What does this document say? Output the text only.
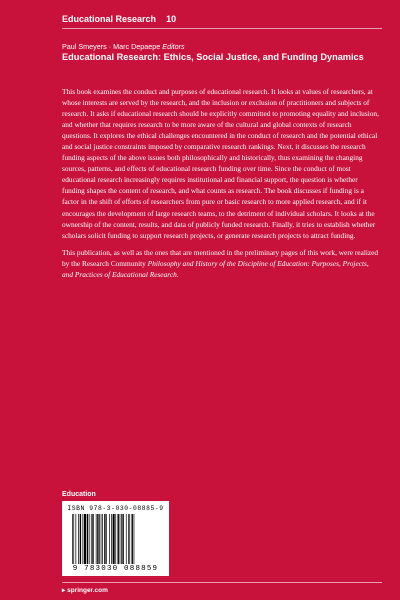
Educational Research 10
Paul Smeyers · Marc Depaepe Editors
Educational Research: Ethics, Social Justice, and Funding Dynamics

This book examines the conduct and purposes of educational research. It looks at values of researchers, at whose interests are served by the research, and the inclusion or exclusion of practitioners and subjects of research. It asks if educational research should be explicitly committed to promoting equality and inclusion, and whether that requires research to be more aware of the cultural and global contexts of research questions. It explores the ethical challenges encountered in the conduct of research and the potential ethical and social justice constraints imposed by comparative research rankings. Next, it discusses the research funding aspects of the above issues both philosophically and historically, thus examining the changing sources, patterns, and effects of educational research funding over time. Since the conduct of most educational research increasingly requires institutional and financial support, the question is whether funding shapes the content of research, and what counts as research. The book discusses if funding is a factor in the shift of efforts of researchers from pure or basic research to more applied research, and if it encourages the development of large research teams, to the detriment of individual scholars. It looks at the ownership of the content, results, and data of publicly funded research. Finally, it tries to establish whether scholars solicit funding to support research projects, or generate research projects to attract funding.

This publication, as well as the ones that are mentioned in the preliminary pages of this work, were realized by the Research Community Philosophy and History of the Discipline of Education: Purposes, Projects, and Practices of Educational Research.

Education
ISBN 978-3-030-08885-9
9 783030 088859
▸ springer.com
